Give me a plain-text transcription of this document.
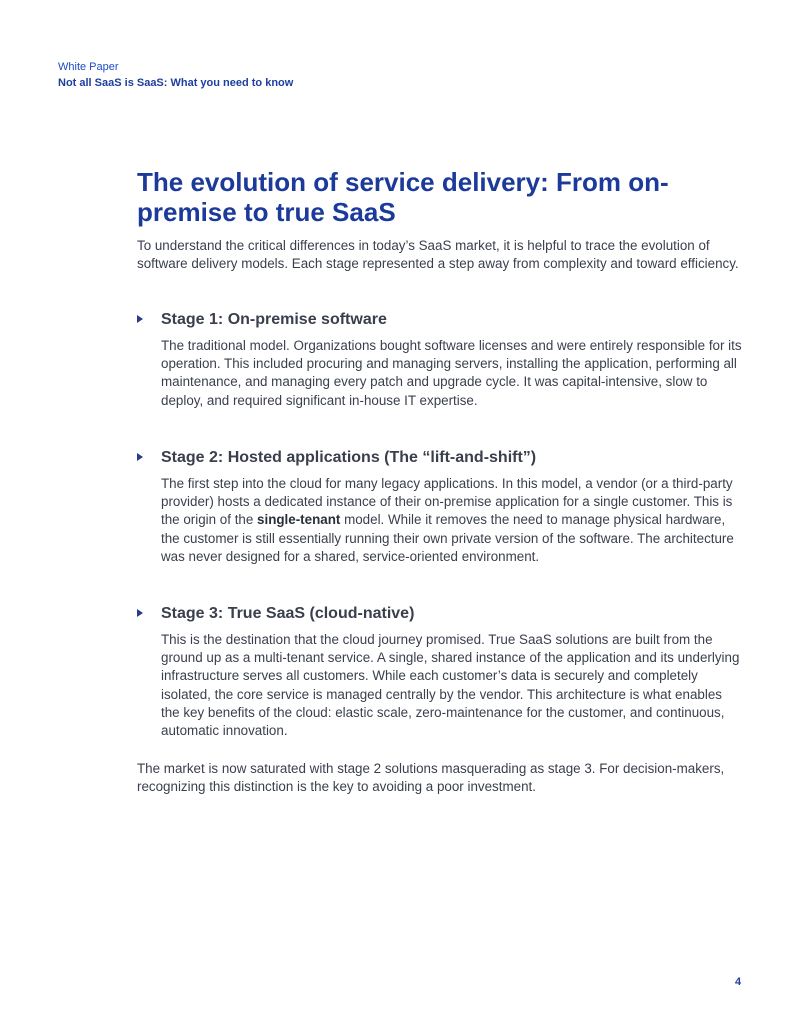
White Paper
Not all SaaS is SaaS: What you need to know
The evolution of service delivery: From on-premise to true SaaS

To understand the critical differences in today’s SaaS market, it is helpful to trace the evolution of software delivery models. Each stage represented a step away from complexity and toward efficiency.

Stage 1: On-premise software
The traditional model. Organizations bought software licenses and were entirely responsible for its operation. This included procuring and managing servers, installing the application, performing all maintenance, and managing every patch and upgrade cycle. It was capital-intensive, slow to deploy, and required significant in-house IT expertise.
Stage 2: Hosted applications (The “lift-and-shift”)
The first step into the cloud for many legacy applications. In this model, a vendor (or a third-party provider) hosts a dedicated instance of their on-premise application for a single customer. This is the origin of the single-tenant model. While it removes the need to manage physical hardware, the customer is still essentially running their own private version of the software. The architecture was never designed for a shared, service-oriented environment.
Stage 3: True SaaS (cloud-native)
This is the destination that the cloud journey promised. True SaaS solutions are built from the ground up as a multi-tenant service. A single, shared instance of the application and its underlying infrastructure serves all customers. While each customer’s data is securely and completely isolated, the core service is managed centrally by the vendor. This architecture is what enables the key benefits of the cloud: elastic scale, zero-maintenance for the customer, and continuous, automatic innovation.

The market is now saturated with stage 2 solutions masquerading as stage 3. For decision-makers, recognizing this distinction is the key to avoiding a poor investment.

4
